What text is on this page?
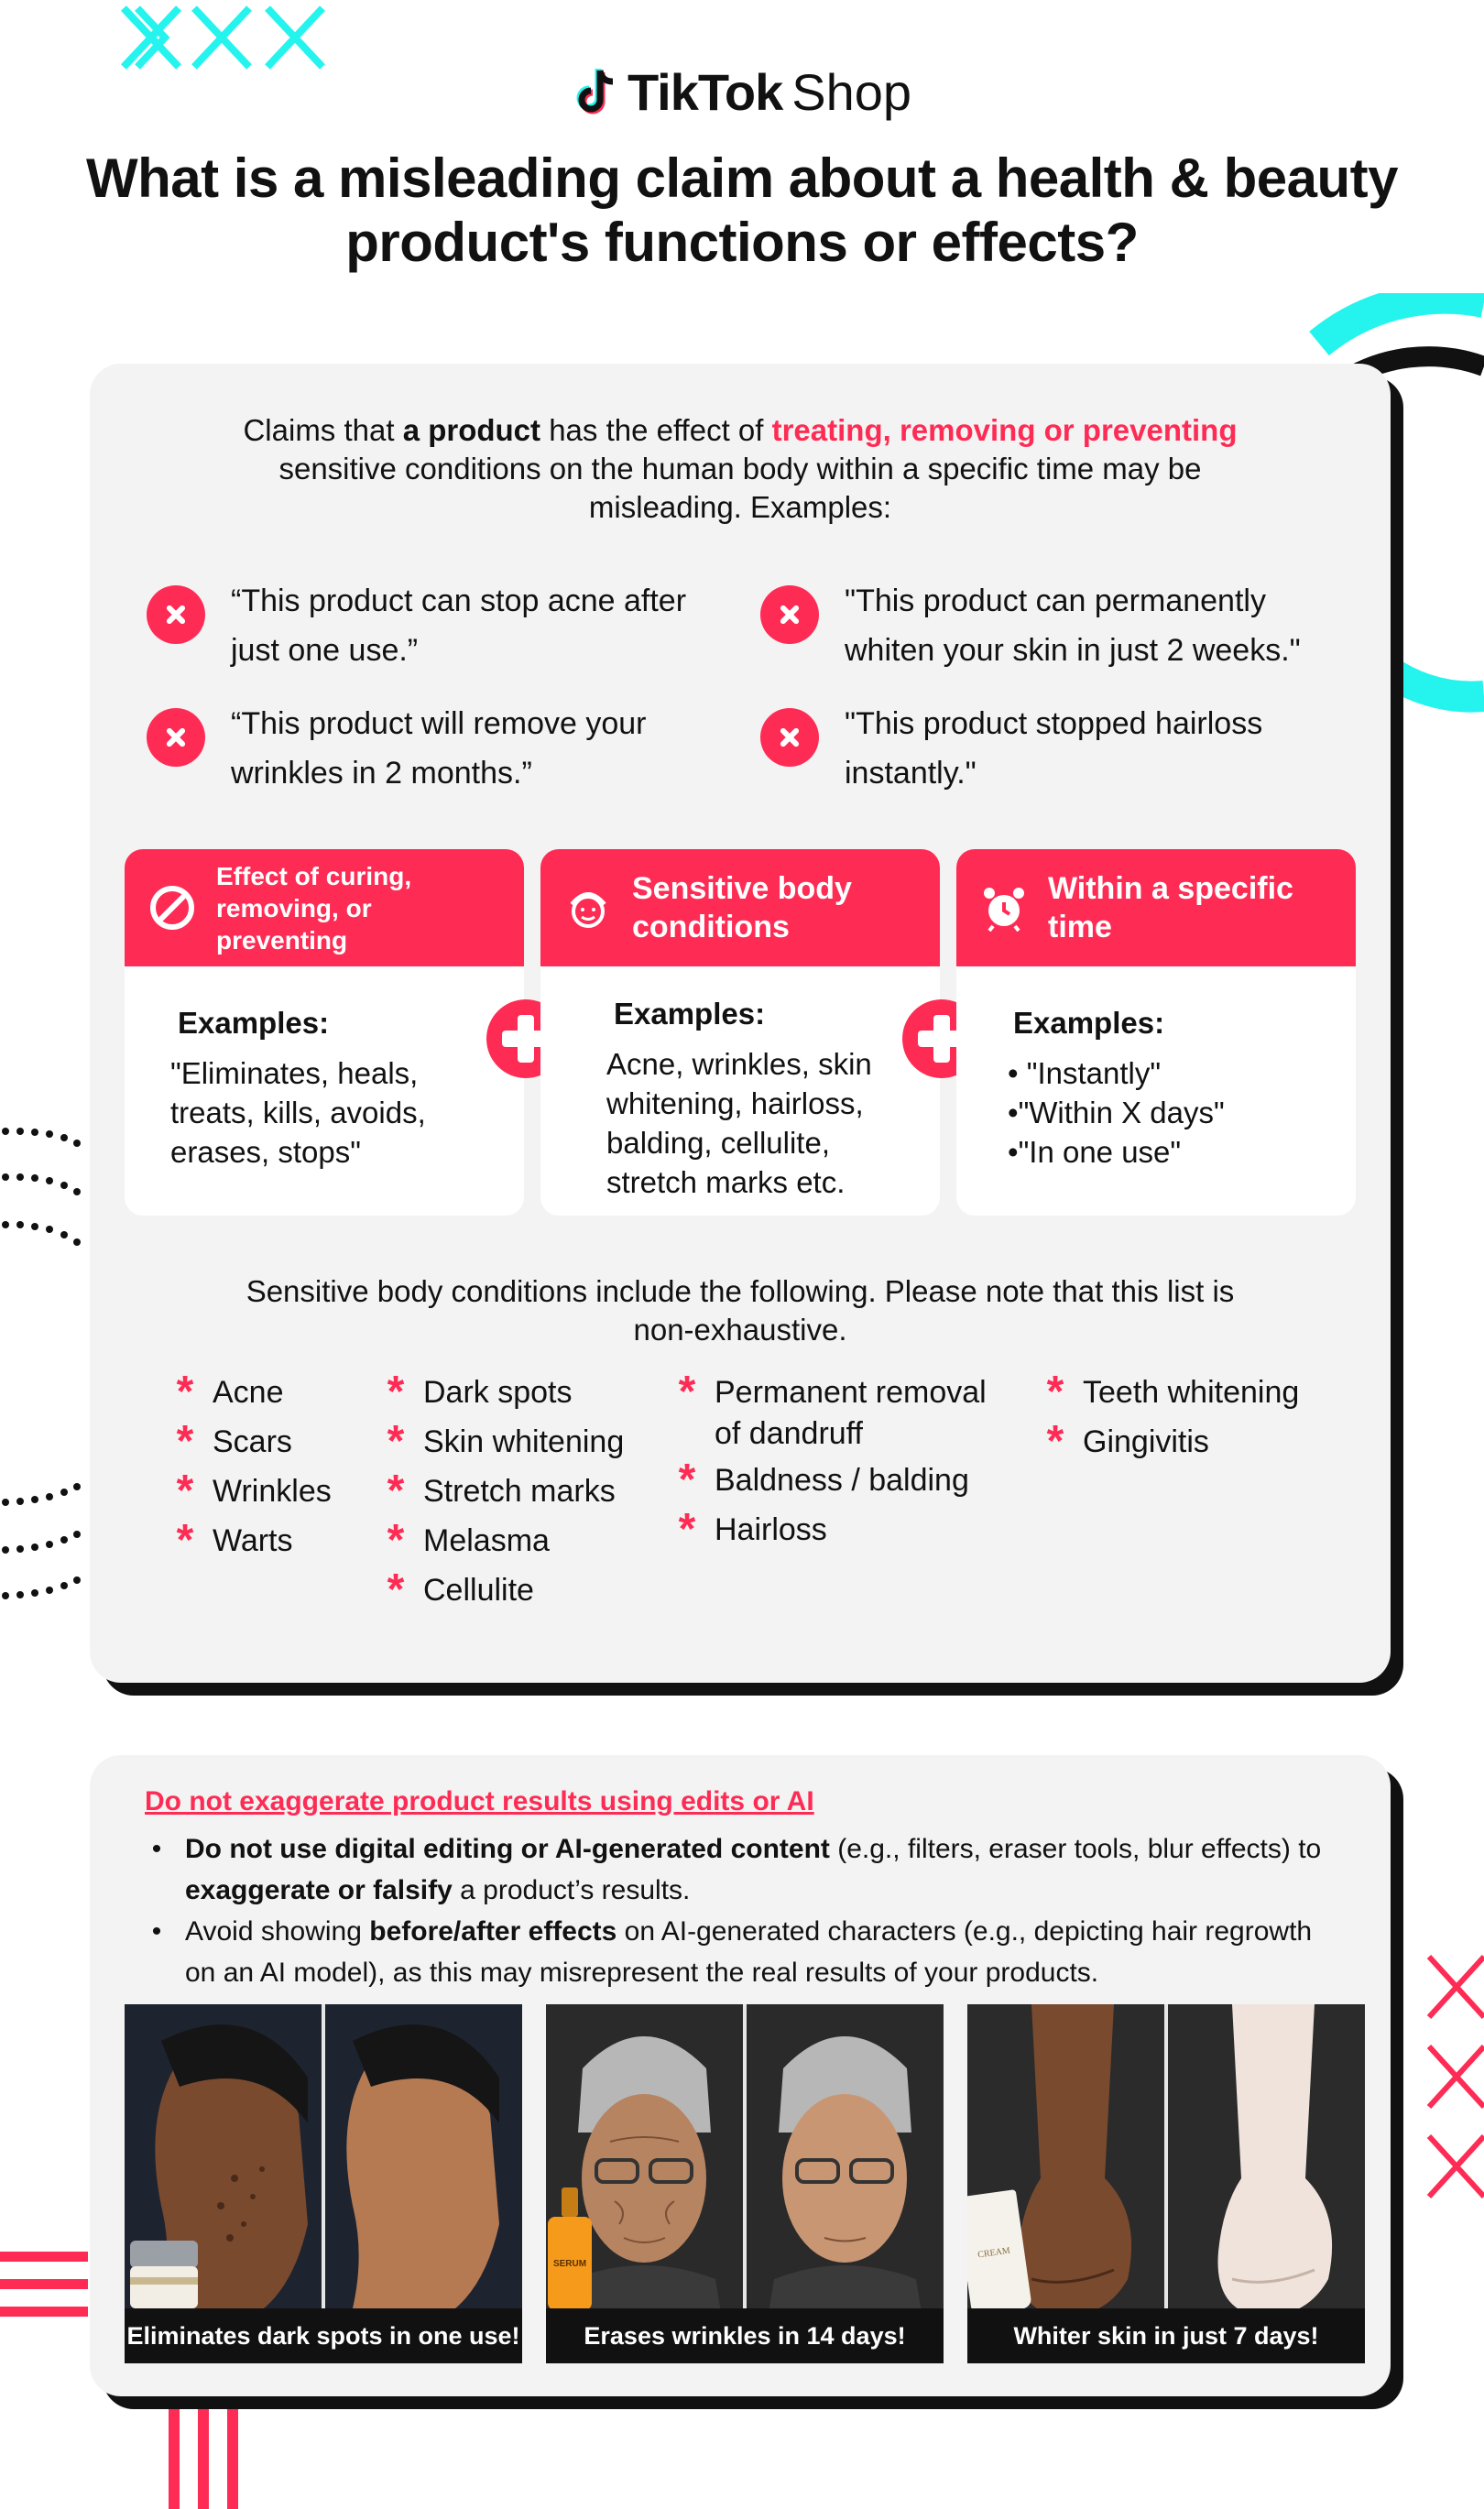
TikTok Shop
What is a misleading claim about a health & beauty product's functions or effects?

Claims that a product has the effect of treating, removing or preventing sensitive conditions on the human body within a specific time may be misleading. Examples:

“This product can stop acne after just one use.”
"This product can permanently whiten your skin in just 2 weeks."
“This product will remove your wrinkles in 2 months.”
"This product stopped hairloss instantly."
Effect of curing, removing, or preventing
Examples:
"Eliminates, heals, treats, kills, avoids, erases, stops"
Sensitive body conditions
Examples:
Acne, wrinkles, skin whitening, hairloss, balding, cellulite, stretch marks etc.
Within a specific time
Examples:
• "Instantly"
•"Within X days"
•"In one use"

Sensitive body conditions include the following. Please note that this list is non-exhaustive.

* Acne
* Scars
* Wrinkles
* Warts
* Dark spots
* Skin whitening
* Stretch marks
* Melasma
* Cellulite
* Permanent removal
of dandruff
* Baldness / balding
* Hairloss
* Teeth whitening
* Gingivitis
Do not exaggerate product results using edits or AI
• Do not use digital editing or AI-generated content (e.g., filters, eraser tools, blur effects) to exaggerate or falsify a product’s results.
• Avoid showing before/after effects on AI-generated characters (e.g., depicting hair regrowth on an AI model), as this may misrepresent the real results of your products.
Eliminates dark spots in one use!
SERUM
Erases wrinkles in 14 days!
CREAM
Whiter skin in just 7 days!
